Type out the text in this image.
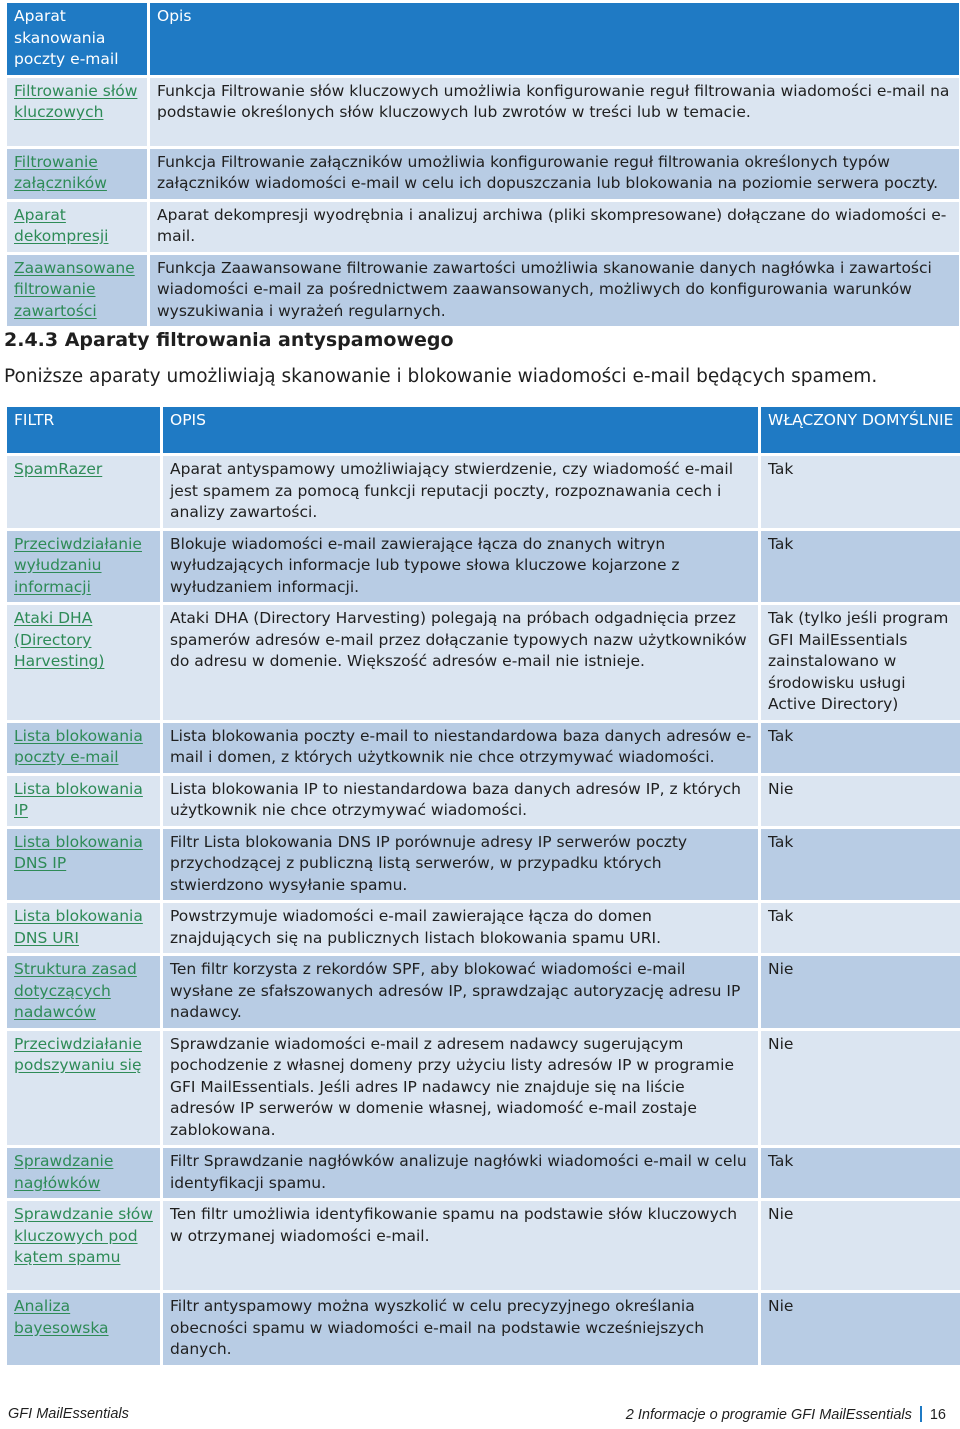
Aparat skanowania poczty e-mail	Opis
Filtrowanie słów kluczowych	Funkcja Filtrowanie słów kluczowych umożliwia konfigurowanie reguł filtrowania wiadomości e-mail na podstawie określonych słów kluczowych lub zwrotów w treści lub w temacie.
Filtrowanie załączników	Funkcja Filtrowanie załączników umożliwia konfigurowanie reguł filtrowania określonych typów załączników wiadomości e-mail w celu ich dopuszczania lub blokowania na poziomie serwera poczty.
Aparat dekompresji	Aparat dekompresji wyodrębnia i analizuj archiwa (pliki skompresowane) dołączane do wiadomości e-mail.
Zaawansowane filtrowanie zawartości	Funkcja Zaawansowane filtrowanie zawartości umożliwia skanowanie danych nagłówka i zawartości wiadomości e-mail za pośrednictwem zaawansowanych, możliwych do konfigurowania warunków wyszukiwania i wyrażeń regularnych.
2.4.3 Aparaty filtrowania antyspamowego

Poniższe aparaty umożliwiają skanowanie i blokowanie wiadomości e-mail będących spamem.

FILTR	OPIS	WŁĄCZONY DOMYŚLNIE
SpamRazer	Aparat antyspamowy umożliwiający stwierdzenie, czy wiadomość e-mail jest spamem za pomocą funkcji reputacji poczty, rozpoznawania cech i analizy zawartości.	Tak
Przeciwdziałanie wyłudzaniu informacji	Blokuje wiadomości e-mail zawierające łącza do znanych witryn wyłudzających informacje lub typowe słowa kluczowe kojarzone z wyłudzaniem informacji.	Tak
Ataki DHA (Directory Harvesting)	Ataki DHA (Directory Harvesting) polegają na próbach odgadnięcia przez spamerów adresów e-mail przez dołączanie typowych nazw użytkowników do adresu w domenie. Większość adresów e-mail nie istnieje.	Tak (tylko jeśli program GFI MailEssentials zainstalowano w środowisku usługi Active Directory)
Lista blokowania poczty e-mail	Lista blokowania poczty e-mail to niestandardowa baza danych adresów e-mail i domen, z których użytkownik nie chce otrzymywać wiadomości.	Tak
Lista blokowania IP	Lista blokowania IP to niestandardowa baza danych adresów IP, z których użytkownik nie chce otrzymywać wiadomości.	Nie
Lista blokowania DNS IP	Filtr Lista blokowania DNS IP porównuje adresy IP serwerów poczty przychodzącej z publiczną listą serwerów, w przypadku których stwierdzono wysyłanie spamu.	Tak
Lista blokowania DNS URI	Powstrzymuje wiadomości e-mail zawierające łącza do domen znajdujących się na publicznych listach blokowania spamu URI.	Tak
Struktura zasad dotyczących nadawców	Ten filtr korzysta z rekordów SPF, aby blokować wiadomości e-mail wysłane ze sfałszowanych adresów IP, sprawdzając autoryzację adresu IP nadawcy.	Nie
Przeciwdziałanie podszywaniu się	Sprawdzanie wiadomości e-mail z adresem nadawcy sugerującym pochodzenie z własnej domeny przy użyciu listy adresów IP w programie GFI MailEssentials. Jeśli adres IP nadawcy nie znajduje się na liście adresów IP serwerów w domenie własnej, wiadomość e-mail zostaje zablokowana.	Nie
Sprawdzanie nagłówków	Filtr Sprawdzanie nagłówków analizuje nagłówki wiadomości e-mail w celu identyfikacji spamu.	Tak
Sprawdzanie słów kluczowych pod kątem spamu	Ten filtr umożliwia identyfikowanie spamu na podstawie słów kluczowych w otrzymanej wiadomości e-mail.	Nie
Analiza bayesowska	Filtr antyspamowy można wyszkolić w celu precyzyjnego określania obecności spamu w wiadomości e-mail na podstawie wcześniejszych danych.	Nie
GFI MailEssentials	2 Informacje o programie GFI MailEssentials 16
